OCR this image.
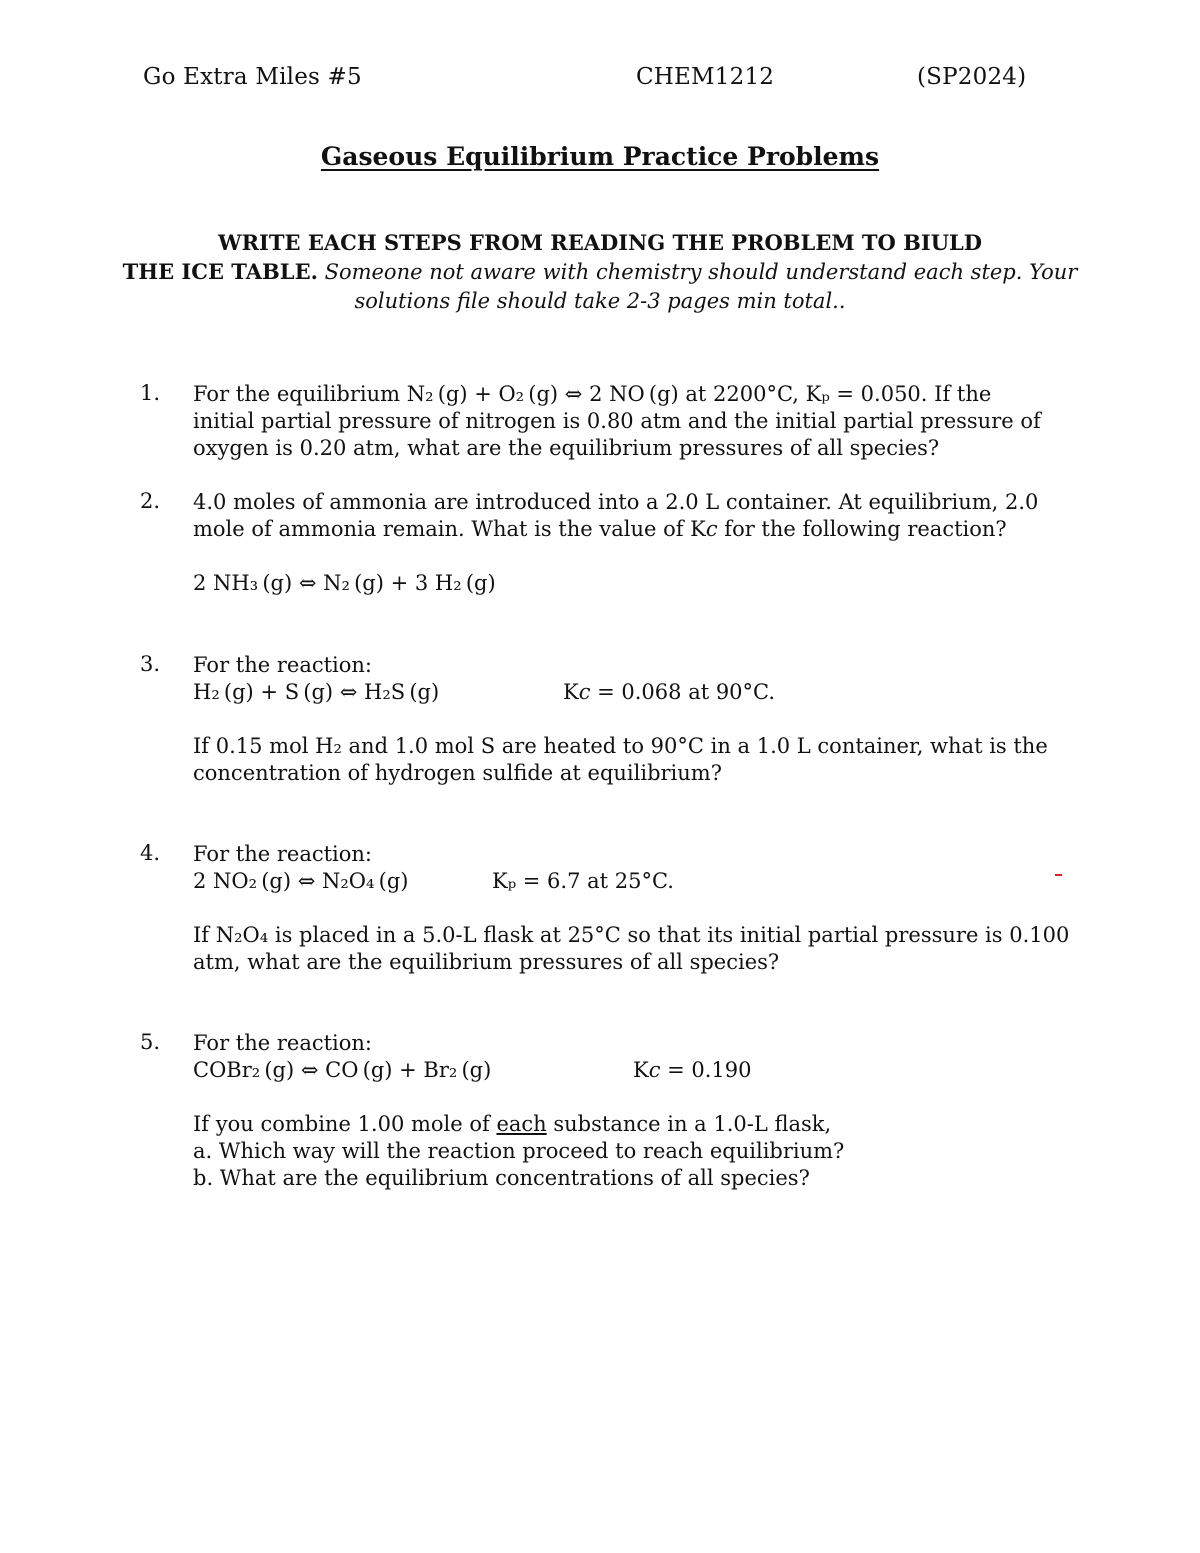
Go Extra Miles #5	CHEM1212	(SP2024)
Gaseous Equilibrium Practice Problems
WRITE EACH STEPS FROM READING THE PROBLEM TO BIULD
THE ICE TABLE. Someone not aware with chemistry should understand each step. Your
solutions file should take 2-3 pages min total..
1. For the equilibrium N₂ (g) + O₂ (g) ⇔ 2 NO (g) at 2200°C, Kₚ = 0.050. If the
initial partial pressure of nitrogen is 0.80 atm and the initial partial pressure of
oxygen is 0.20 atm, what are the equilibrium pressures of all species?
2. 4.0 moles of ammonia are introduced into a 2.0 L container. At equilibrium, 2.0
mole of ammonia remain. What is the value of K𝑐 for the following reaction?
2 NH₃ (g) ⇔ N₂ (g) + 3 H₂ (g)
3. For the reaction:
H₂ (g) + S (g) ⇔ H₂S (g)	K𝑐 = 0.068 at 90°C.
If 0.15 mol H₂ and 1.0 mol S are heated to 90°C in a 1.0 L container, what is the
concentration of hydrogen sulfide at equilibrium?
4. For the reaction:
2 NO₂ (g) ⇔ N₂O₄ (g)	Kₚ = 6.7 at 25°C.
If N₂O₄ is placed in a 5.0-L flask at 25°C so that its initial partial pressure is 0.100
atm, what are the equilibrium pressures of all species?
5. For the reaction:
COBr₂ (g) ⇔ CO (g) + Br₂ (g)	K𝑐 = 0.190
If you combine 1.00 mole of each substance in a 1.0-L flask,
a. Which way will the reaction proceed to reach equilibrium?
b. What are the equilibrium concentrations of all species?
